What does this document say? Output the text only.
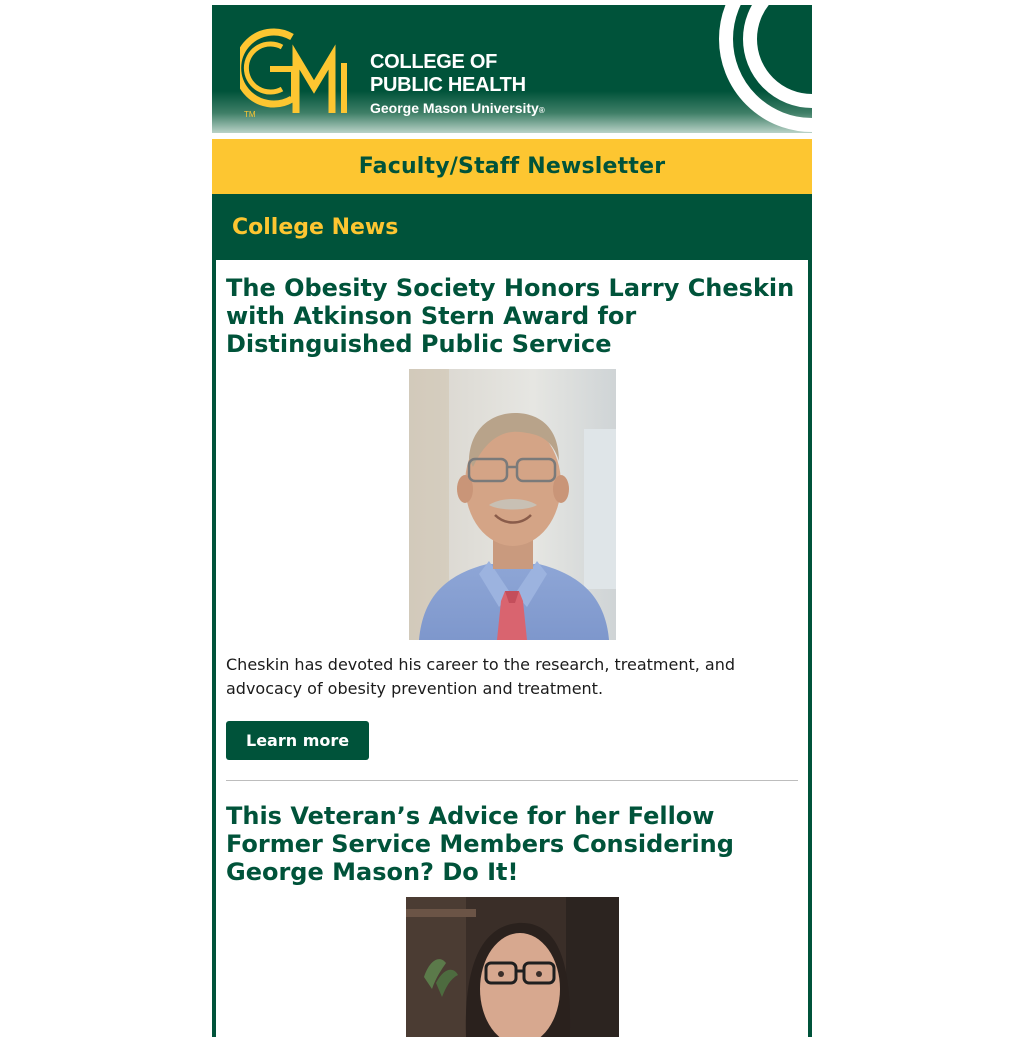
TM
COLLEGE OF
PUBLIC HEALTH
George Mason University®
Faculty/Staff Newsletter
College News
The Obesity Society Honors Larry Cheskin with Atkinson Stern Award for Distinguished Public Service

Cheskin has devoted his career to the research, treatment, and advocacy of obesity prevention and treatment.

Learn more
This Veteran’s Advice for her Fellow Former Service Members Considering George Mason? Do It!
